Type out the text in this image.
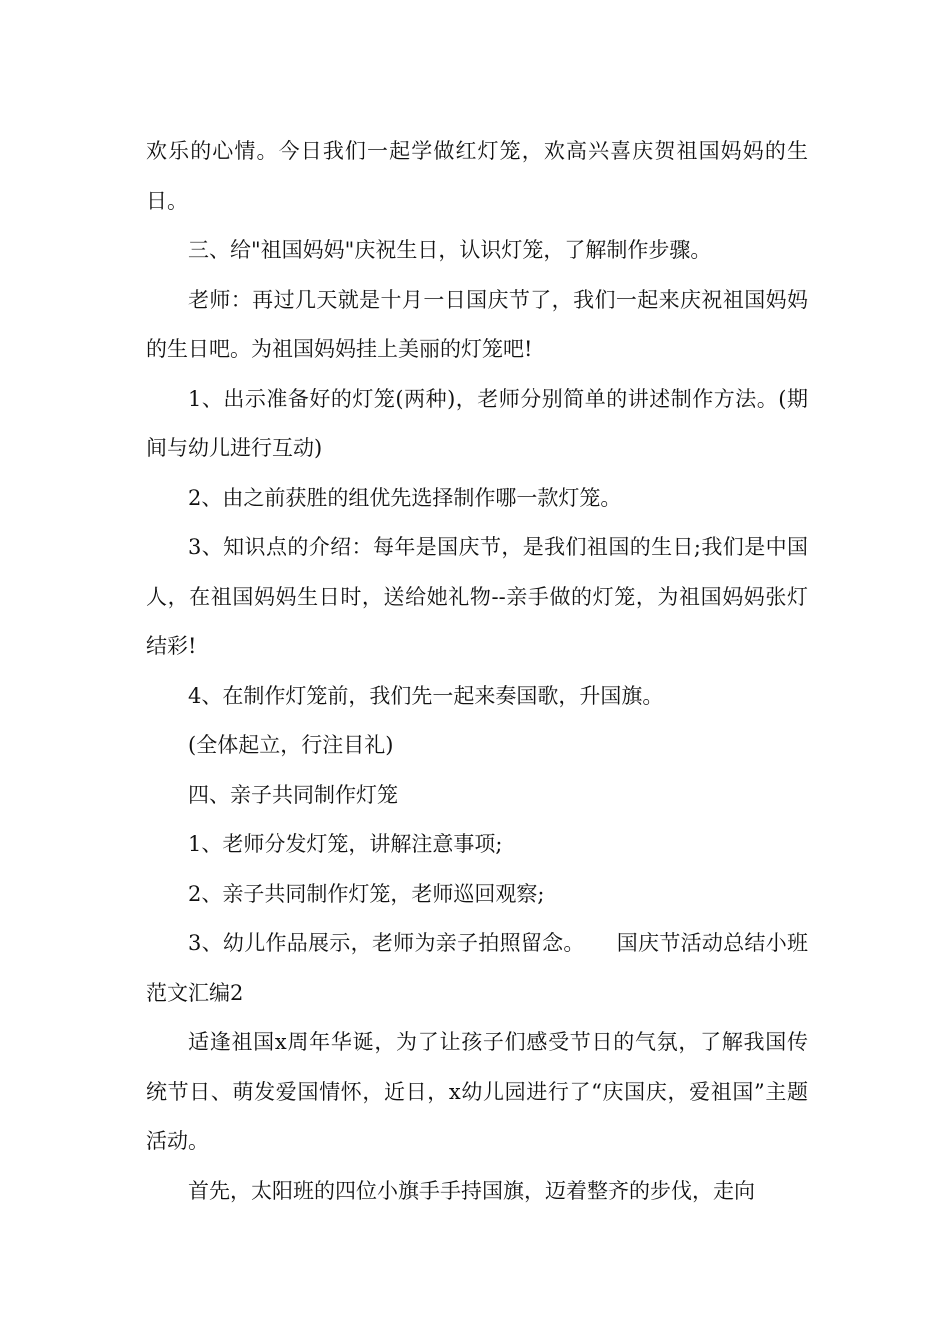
欢乐的心情。今日我们一起学做红灯笼，欢高兴喜庆贺祖国妈妈的生日。

三、给"祖国妈妈"庆祝生日，认识灯笼，了解制作步骤。

老师：再过几天就是十月一日国庆节了，我们一起来庆祝祖国妈妈的生日吧。为祖国妈妈挂上美丽的灯笼吧!

1、出示准备好的灯笼(两种)，老师分别简单的讲述制作方法。(期间与幼儿进行互动)

2、由之前获胜的组优先选择制作哪一款灯笼。

3、知识点的介绍：每年是国庆节，是我们祖国的生日;我们是中国人，在祖国妈妈生日时，送给她礼物--亲手做的灯笼，为祖国妈妈张灯结彩!

4、在制作灯笼前，我们先一起来奏国歌，升国旗。

(全体起立，行注目礼)

四、亲子共同制作灯笼

1、老师分发灯笼，讲解注意事项;

2、亲子共同制作灯笼，老师巡回观察;

3、幼儿作品展示，老师为亲子拍照留念。　　国庆节活动总结小班范文汇编2

适逢祖国x周年华诞，为了让孩子们感受节日的气氛，了解我国传统节日、萌发爱国情怀，近日，x幼儿园进行了“庆国庆，爱祖国”主题活动。

首先，太阳班的四位小旗手手持国旗，迈着整齐的步伐，走向
